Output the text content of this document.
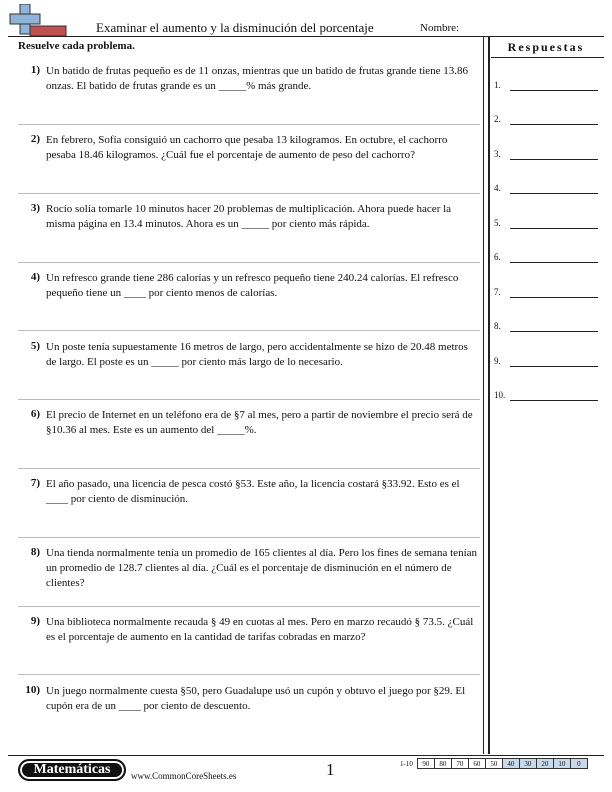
Examinar el aumento y la disminución del porcentaje	Nombre:
Resuelve cada problema.	Respuestas
1.
2.
3.
4.
5.
6.
7.
8.
9.
10.
1) Un batido de frutas pequeño es de 11 onzas, mientras que un batido de frutas grande tiene 13.86 onzas. El batido de frutas grande es un _____% más grande.
2) En febrero, Sofía consiguió un cachorro que pesaba 13 kilogramos. En octubre, el cachorro pesaba 18.46 kilogramos. ¿Cuál fue el porcentaje de aumento de peso del cachorro?
3) Rocío solía tomarle 10 minutos hacer 20 problemas de multiplicación. Ahora puede hacer la misma página en 13.4 minutos. Ahora es un _____ por ciento más rápida.
4) Un refresco grande tiene 286 calorías y un refresco pequeño tiene 240.24 calorías. El refresco pequeño tiene un ____ por ciento menos de calorías.
5) Un poste tenía supuestamente 16 metros de largo, pero accidentalmente se hizo de 20.48 metros de largo. El poste es un _____ por ciento más largo de lo necesario.
6) El precio de Internet en un teléfono era de §7 al mes, pero a partir de noviembre el precio será de §10.36 al mes. Este es un aumento del _____%.
7) El año pasado, una licencia de pesca costó §53. Este año, la licencia costará §33.92. Esto es el ____ por ciento de disminución.
8) Una tienda normalmente tenía un promedio de 165 clientes al día. Pero los fines de semana tenían un promedio de 128.7 clientes al día. ¿Cuál es el porcentaje de disminución en el número de clientes?
9) Una biblioteca normalmente recauda § 49 en cuotas al mes. Pero en marzo recaudó § 73.5. ¿Cuál es el porcentaje de aumento en la cantidad de tarifas cobradas en marzo?
10) Un juego normalmente cuesta §50, pero Guadalupe usó un cupón y obtuvo el juego por §29. El cupón era de un ____ por ciento de descuento.
Matemáticas	www.CommonCoreSheets.es	1	1-10	90	80	70	60	50	40	30	20	10	0
